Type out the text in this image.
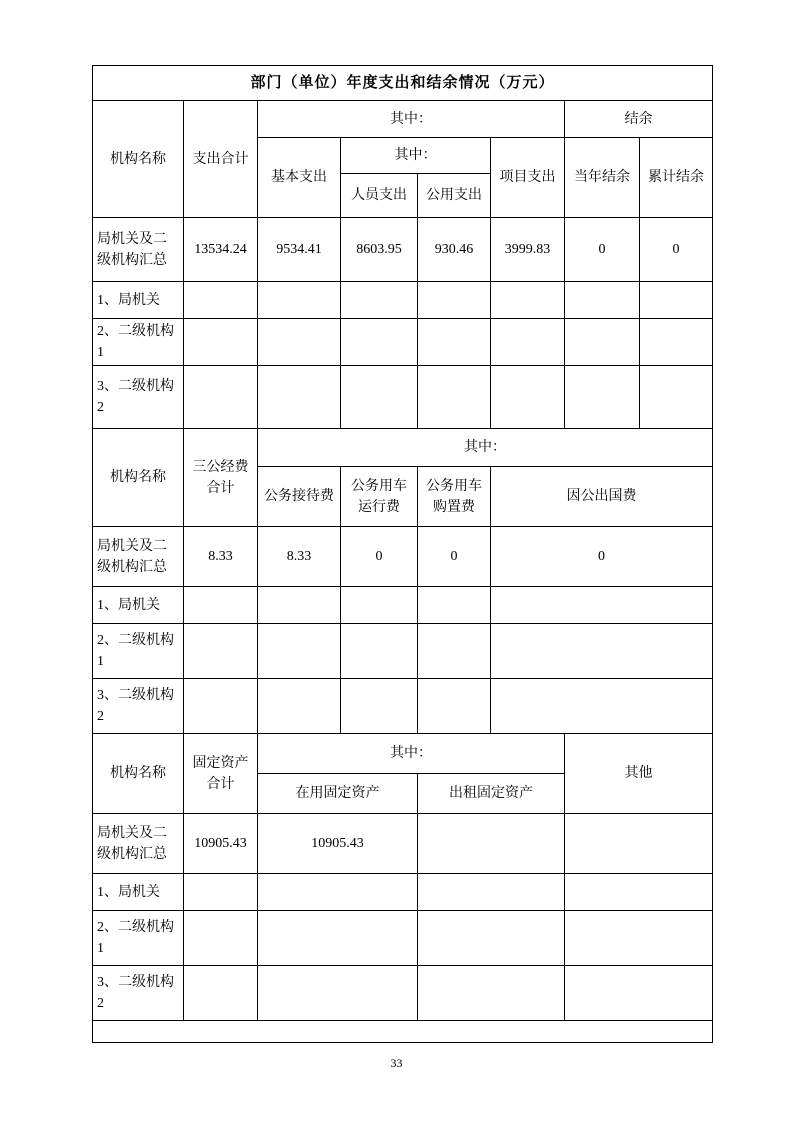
部门（单位）年度支出和结余情况（万元）							
机构名称	支出合计	其中：				结余	
		基本支出	其中：		项目支出	当年结余	累计结余
			人员支出	公用支出			
局机关及二级机构汇总	13534.24	9534.41	8603.95	930.46	3999.83	0	0
1、局机关							
2、二级机构1							
3、二级机构2							
机构名称	三公经费合计	其中：					
		公务接待费	公务用车运行费	公务用车购置费	因公出国费		
局机关及二级机构汇总	8.33	8.33	0	0	0		
1、局机关							
2、二级机构1							
3、二级机构2							
机构名称	固定资产合计	其中：				其他	
		在用固定资产		出租固定资产			
局机关及二级机构汇总	10905.43	10905.43					
1、局机关							
2、二级机构1							
3、二级机构2							

33
